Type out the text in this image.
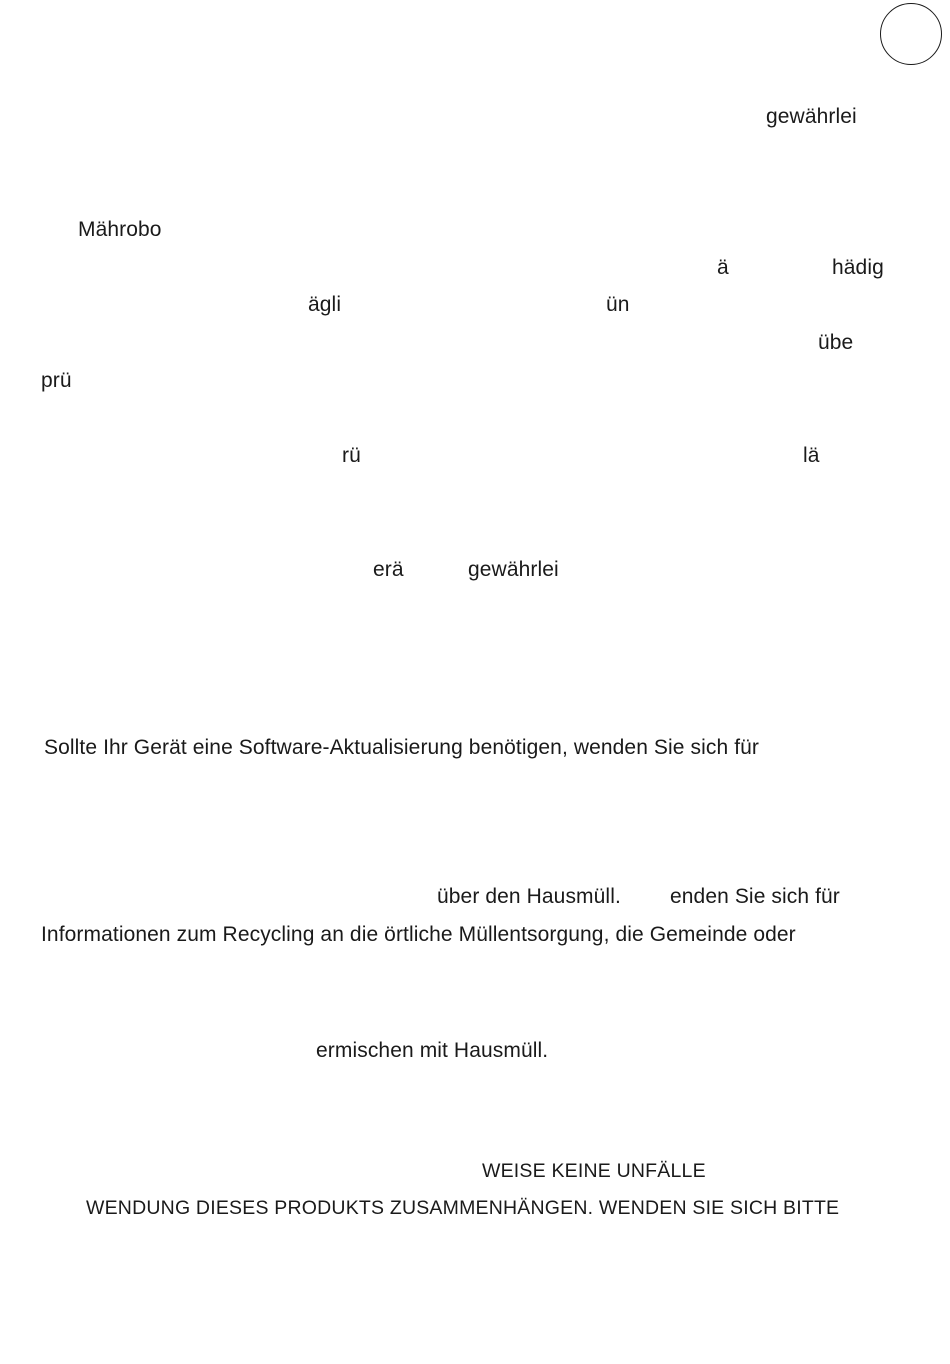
gewährlei
Mährobo
ä	hädig
ägli	ün
übe
prü
rü	lä
erä	gewährlei
Sollte Ihr Gerät eine Software-Aktualisierung benötigen, wenden Sie sich für
über den Hausmüll. enden Sie sich für
Informationen zum Recycling an die örtliche Müllentsorgung, die Gemeinde oder
ermischen mit Hausmüll.
WEISE KEINE UNFÄLLE
WENDUNG DIESES PRODUKTS ZUSAMMENHÄNGEN. WENDEN SIE SICH BITTE
